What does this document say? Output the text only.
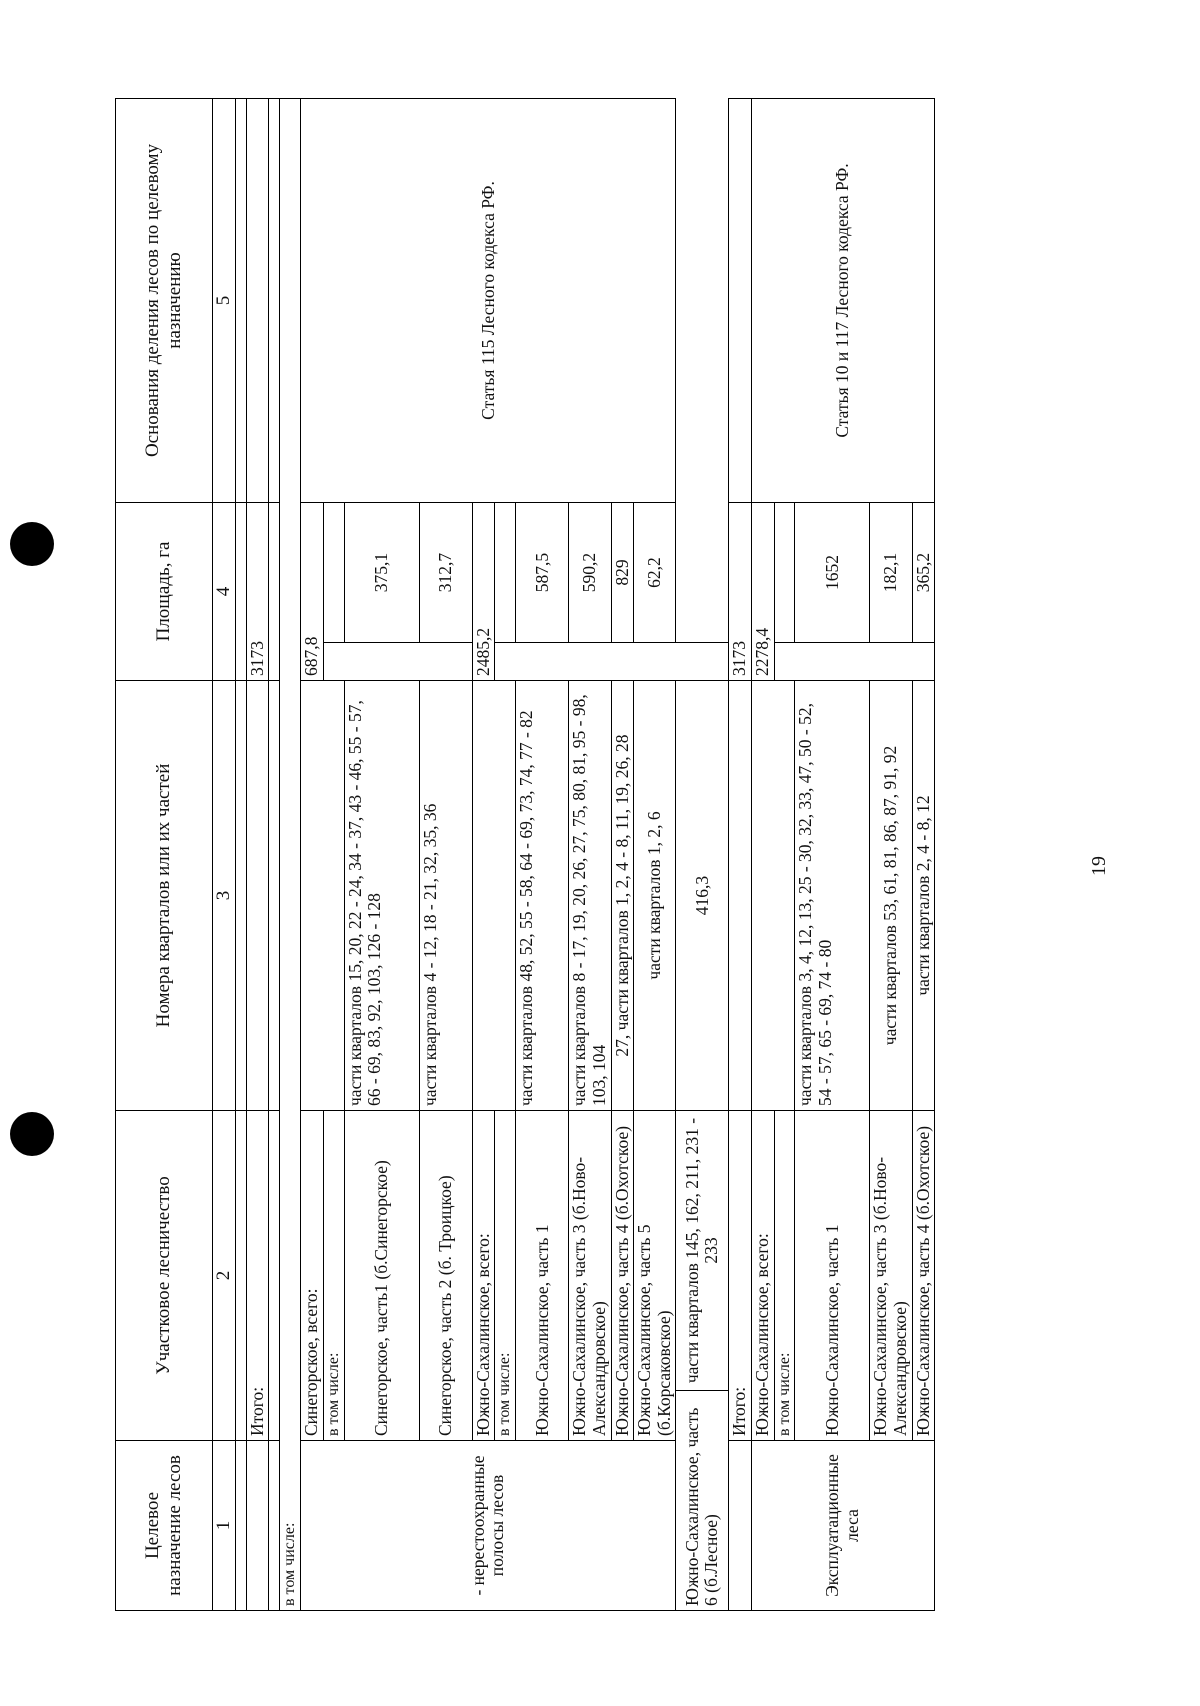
Целевое назначение лесов	Участковое лесничество		Номера кварталов или их частей	Площадь, га		Основания деления лесов по целевому назначению
1	2		3	4		5

	Итого:			3173		

в том числе:						
- нерестоохранные полосы лесов	Синегорское, всего:			687,8		Статья 115 Лесного кодекса РФ.
	в том числе:					
	Синегорское, часть1 (б.Синегорское)		части кварталов 15, 20, 22 - 24, 34 - 37, 43 - 46, 55 - 57, 66 - 69, 83, 92, 103, 126 - 128		375,1	
	Синегорское, часть 2 (б. Троицкое)		части кварталов 4 - 12, 18 - 21, 32, 35, 36		312,7	
	Южно-Сахалинское, всего:			2485,2		
	в том числе:					
	Южно-Сахалинское, часть 1		части кварталов 48, 52, 55 - 58, 64 - 69, 73, 74, 77 - 82		587,5	
	Южно-Сахалинское, часть 3 (б.Ново-Александровское)		части кварталов 8 - 17, 19, 20, 26, 27, 75, 80, 81, 95 - 98, 103, 104		590,2	
	Южно-Сахалинское, часть 4 (б.Охотское)		27, части кварталов 1, 2, 4 - 8, 11, 19, 26, 28		829	
	Южно-Сахалинское, часть 5 (б.Корсаковское)		части кварталов 1, 2, 6		62,2	
Южно-Сахалинское, часть 6 (б.Лесное)		части кварталов 145, 162, 211, 231 - 233	416,3			
	Итого:			3173		
Эксплуатационные леса	Южно-Сахалинское, всего:			2278,4		Статья 10 и 117 Лесного кодекса РФ.
	в том числе:					
	Южно-Сахалинское, часть 1		части кварталов 3, 4, 12, 13, 25 - 30, 32, 33, 47, 50 - 52, 54 - 57, 65 - 69, 74 - 80		1652	
	Южно-Сахалинское, часть 3 (б.Ново-Александровское)		части кварталов 53, 61, 81, 86, 87, 91, 92		182,1	
	Южно-Сахалинское, часть 4 (б.Охотское)		части кварталов 2, 4 - 8, 12		365,2	
19
